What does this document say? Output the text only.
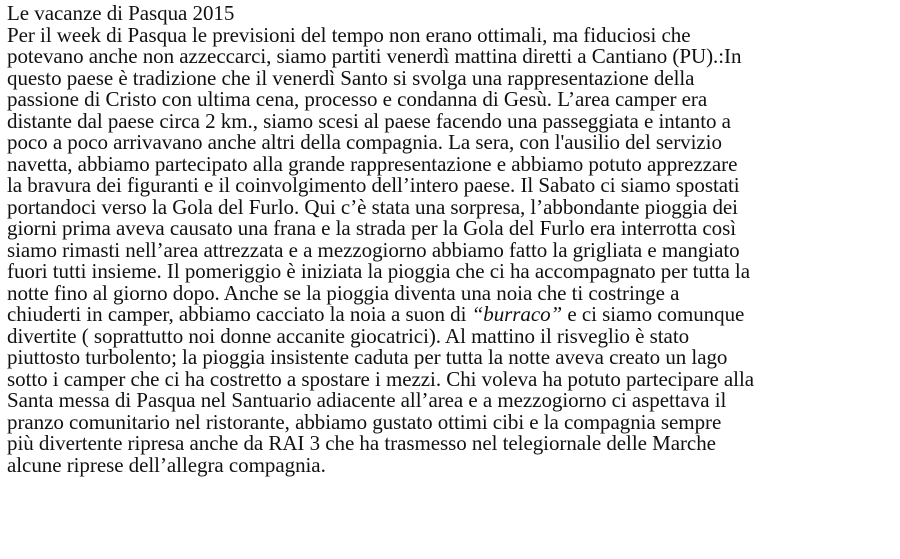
Le vacanze di Pasqua 2015
Per il week di Pasqua le previsioni del tempo non erano ottimali, ma fiduciosi che
potevano anche non azzeccarci, siamo partiti venerdì mattina diretti a Cantiano (PU).:In
questo paese è tradizione che il venerdì Santo si svolga una rappresentazione della
passione di Cristo con ultima cena, processo e condanna di Gesù. L’area camper era
distante dal paese circa 2 km., siamo scesi al paese facendo una passeggiata e intanto a
poco a poco arrivavano anche altri della compagnia. La sera, con l'ausilio del servizio
navetta, abbiamo partecipato alla grande rappresentazione e abbiamo potuto apprezzare
la bravura dei figuranti e il coinvolgimento dell’intero paese. Il Sabato ci siamo spostati
portandoci verso la Gola del Furlo. Qui c’è stata una sorpresa, l’abbondante pioggia dei
giorni prima aveva causato una frana e la strada per la Gola del Furlo era interrotta così
siamo rimasti nell’area attrezzata e a mezzogiorno abbiamo fatto la grigliata e mangiato
fuori tutti insieme. Il pomeriggio è iniziata la pioggia che ci ha accompagnato per tutta la
notte fino al giorno dopo. Anche se la pioggia diventa una noia che ti costringe a
chiuderti in camper, abbiamo cacciato la noia a suon di “burraco” e ci siamo comunque
divertite ( soprattutto noi donne accanite giocatrici). Al mattino il risveglio è stato
piuttosto turbolento; la pioggia insistente caduta per tutta la notte aveva creato un lago
sotto i camper che ci ha costretto a spostare i mezzi. Chi voleva ha potuto partecipare alla
Santa messa di Pasqua nel Santuario adiacente all’area e a mezzogiorno ci aspettava il
pranzo comunitario nel ristorante, abbiamo gustato ottimi cibi e la compagnia sempre
più divertente ripresa anche da RAI 3 che ha trasmesso nel telegiornale delle Marche
alcune riprese dell’allegra compagnia.
